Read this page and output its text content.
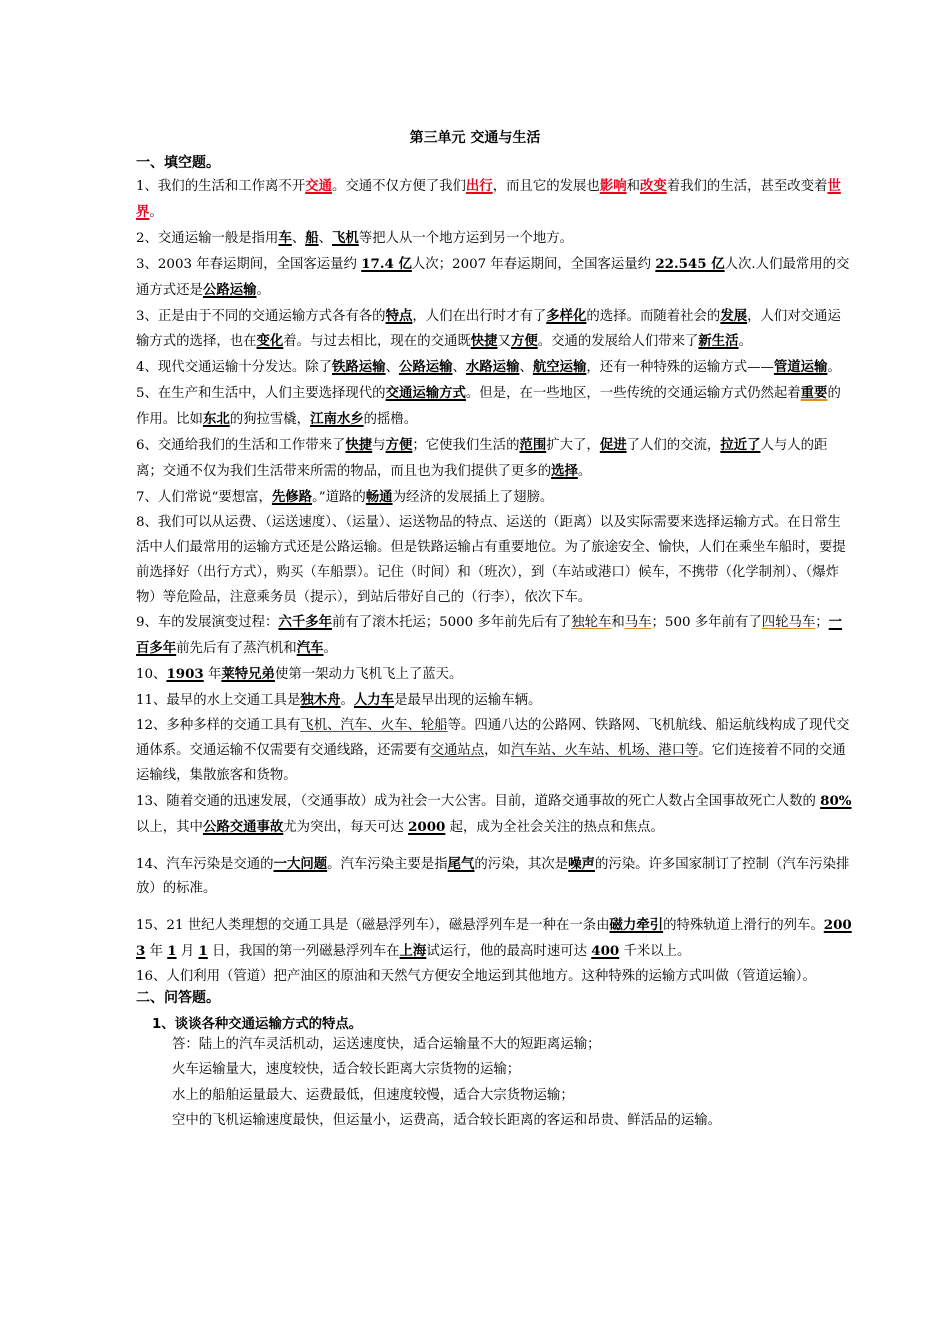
第三单元 交通与生活
一、填空题。

1、我们的生活和工作离不开交通。交通不仅方便了我们出行，而且它的发展也影响和改变着我们的生活，甚至改变着世界。

2、交通运输一般是指用车、船、飞机等把人从一个地方运到另一个地方。

3、2003 年春运期间，全国客运量约 17.4 亿人次；2007 年春运期间，全国客运量约 22.545 亿人次.人们最常用的交通方式还是公路运输。

3、正是由于不同的交通运输方式各有各的特点，人们在出行时才有了多样化的选择。而随着社会的发展，人们对交通运输方式的选择，也在变化着。与过去相比，现在的交通既快捷又方便。交通的发展给人们带来了新生活。

4、现代交通运输十分发达。除了铁路运输、公路运输、水路运输、航空运输，还有一种特殊的运输方式——管道运输。

5、在生产和生活中，人们主要选择现代的交通运输方式。但是，在一些地区，一些传统的交通运输方式仍然起着重要的作用。比如东北的狗拉雪橇，江南水乡的摇橹。

6、交通给我们的生活和工作带来了快捷与方便；它使我们生活的范围扩大了，促进了人们的交流，拉近了人与人的距离；交通不仅为我们生活带来所需的物品，而且也为我们提供了更多的选择。

7、人们常说“要想富，先修路。”道路的畅通为经济的发展插上了翅膀。

8、我们可以从运费、（运送速度）、（运量）、运送物品的特点、运送的（距离）以及实际需要来选择运输方式。在日常生活中人们最常用的运输方式还是公路运输。但是铁路运输占有重要地位。为了旅途安全、愉快，人们在乘坐车船时，要提前选择好（出行方式），购买（车船票）。记住（时间）和（班次），到（车站或港口）候车，不携带（化学制剂）、（爆炸物）等危险品，注意乘务员（提示），到站后带好自己的（行李），依次下车。

9、车的发展演变过程：六千多年前有了滚木托运；5000 多年前先后有了独轮车和马车；500 多年前有了四轮马车；一百多年前先后有了蒸汽机和汽车。

10、1903 年莱特兄弟使第一架动力飞机飞上了蓝天。

11、最早的水上交通工具是独木舟。人力车是最早出现的运输车辆。

12、多种多样的交通工具有飞机、汽车、火车、轮船等。四通八达的公路网、铁路网、飞机航线、船运航线构成了现代交通体系。交通运输不仅需要有交通线路，还需要有交通站点，如汽车站、火车站、机场、港口等。它们连接着不同的交通运输线，集散旅客和货物。

13、随着交通的迅速发展，（交通事故）成为社会一大公害。目前，道路交通事故的死亡人数占全国事故死亡人数的 80%以上，其中公路交通事故尤为突出，每天可达 2000 起，成为全社会关注的热点和焦点。

14、汽车污染是交通的一大问题。汽车污染主要是指尾气的污染，其次是噪声的污染。许多国家制订了控制（汽车污染排放）的标准。

15、21 世纪人类理想的交通工具是（磁悬浮列车），磁悬浮列车是一种在一条由磁力牵引的特殊轨道上滑行的列车。2003 年 1 月 1 日，我国的第一列磁悬浮列车在上海试运行，他的最高时速可达 400 千米以上。

16、人们利用（管道）把产油区的原油和天然气方便安全地运到其他地方。这种特殊的运输方式叫做（管道运输）。

二、问答题。
1、谈谈各种交通运输方式的特点。
答：陆上的汽车灵活机动，运送速度快，适合运输量不大的短距离运输；
火车运输量大，速度较快，适合较长距离大宗货物的运输；
水上的船舶运量最大、运费最低，但速度较慢，适合大宗货物运输；
空中的飞机运输速度最快，但运量小，运费高，适合较长距离的客运和昂贵、鲜活品的运输。
